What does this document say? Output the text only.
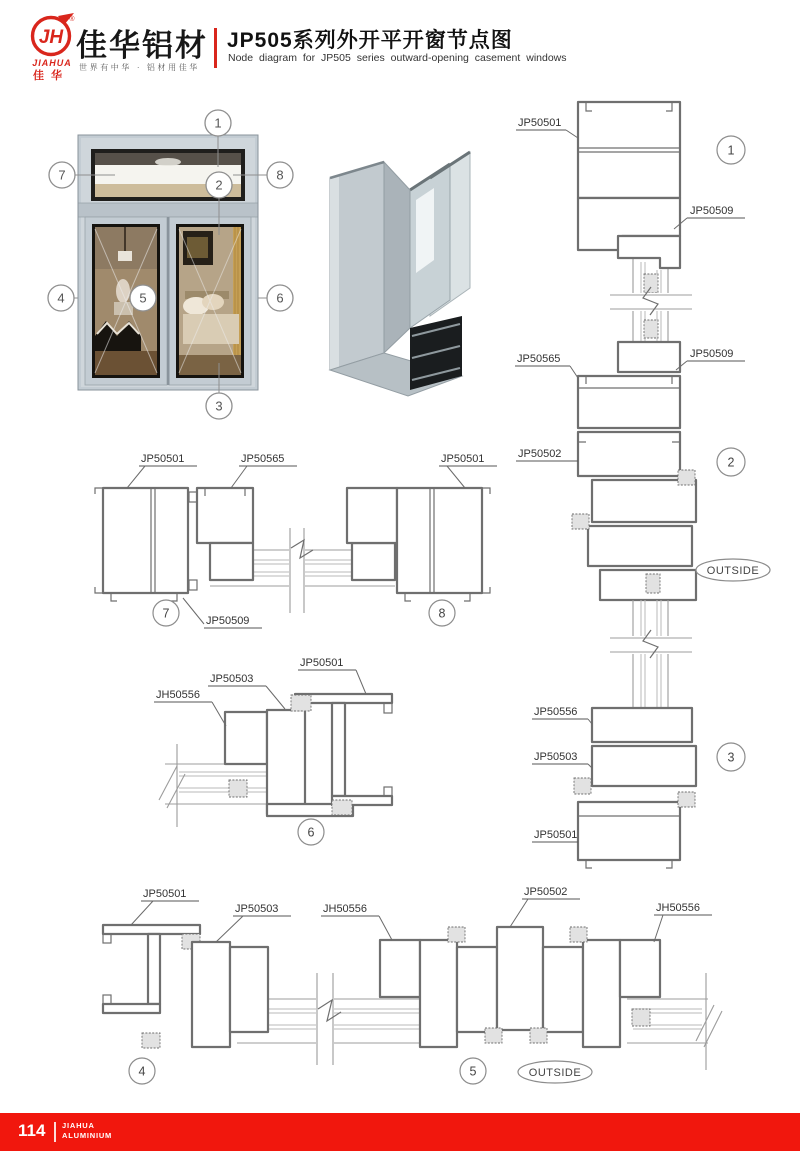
JH
®
JIAHUA
佳华
佳华铝材
世界有中华 · 铝材用佳华
JP505系列外开平开窗节点图
Node diagram for JP505 series outward-opening casement windows
1
2
7	8
4	5	6
3
JP50501
1
JP50509
JP50565	JP50509
JP50502
2
OUTSIDE
JP50556
JP50503	3
JP50501
JP50501	JP50565	JP50501
7
JP50509
8
JP50501
JP50503
JH50556
6
JP50501
JP50503	JH50556
JP50502
JH50556
4	5	OUTSIDE
114 JIAHUA
ALUMINIUM
